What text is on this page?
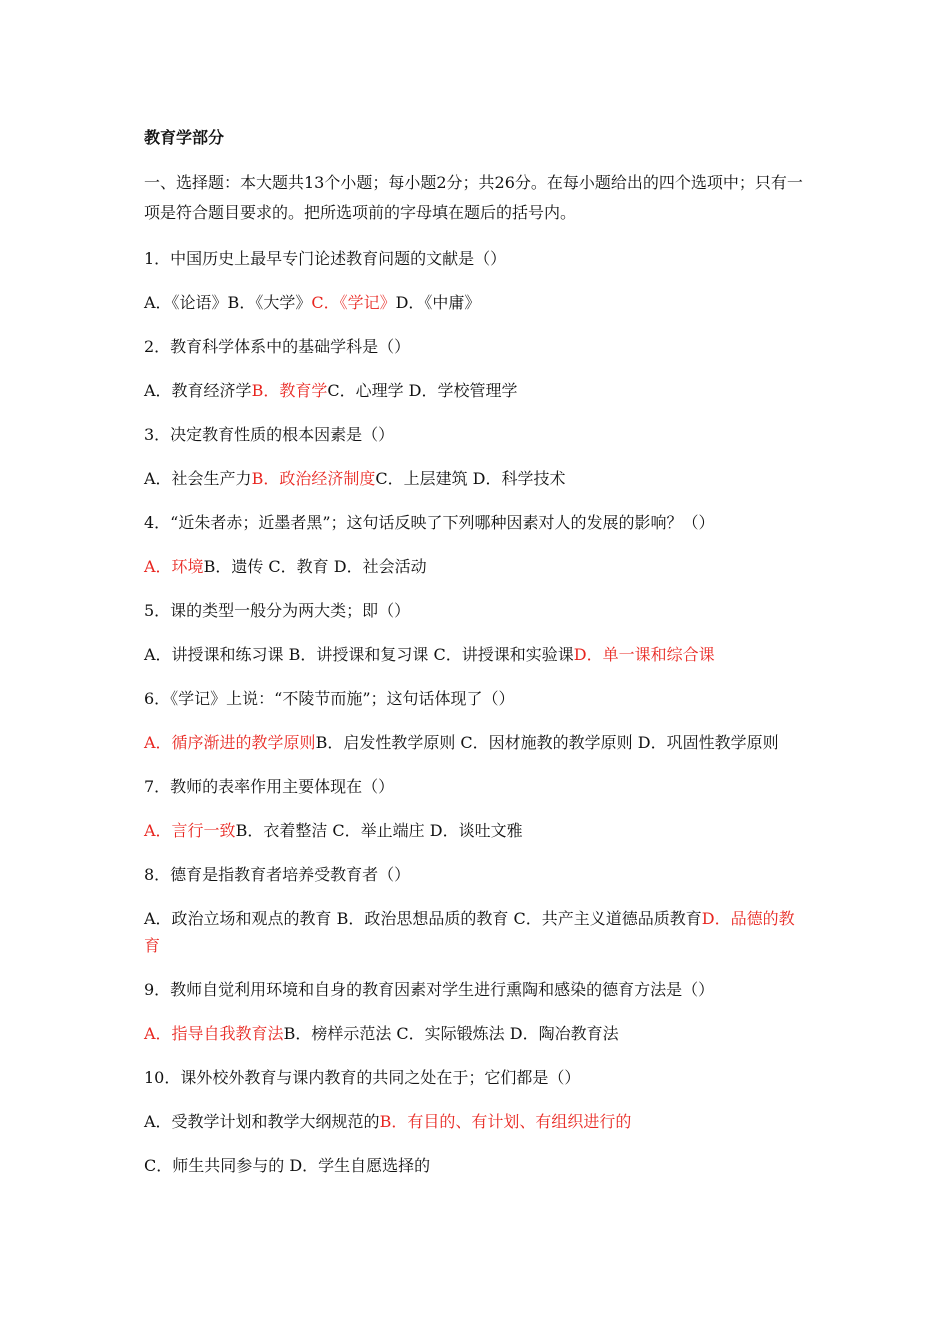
教育学部分
一、选择题：本大题共13个小题；每小题2分；共26分。在每小题给出的四个选项中；只有一项是符合题目要求的。把所选项前的字母填在题后的括号内。
1．中国历史上最早专门论述教育问题的文献是（）
A．《论语》B．《大学》C．《学记》D．《中庸》
2．教育科学体系中的基础学科是（）
A．教育经济学B．教育学C．心理学 D．学校管理学
3．决定教育性质的根本因素是（）
A．社会生产力B．政治经济制度C．上层建筑 D．科学技术
4．“近朱者赤；近墨者黑”；这句话反映了下列哪种因素对人的发展的影响？（）
A．环境B．遗传 C．教育 D．社会活动
5．课的类型一般分为两大类；即（）
A．讲授课和练习课 B．讲授课和复习课 C．讲授课和实验课D．单一课和综合课
6．《学记》上说：“不陵节而施”；这句话体现了（）
A．循序渐进的教学原则B．启发性教学原则 C．因材施教的教学原则 D．巩固性教学原则
7．教师的表率作用主要体现在（）
A．言行一致B．衣着整洁 C．举止端庄 D．谈吐文雅
8．德育是指教育者培养受教育者（）
A．政治立场和观点的教育 B．政治思想品质的教育 C．共产主义道德品质教育D．品德的教育
9．教师自觉利用环境和自身的教育因素对学生进行熏陶和感染的德育方法是（）
A．指导自我教育法B．榜样示范法 C．实际锻炼法 D．陶冶教育法
10．课外校外教育与课内教育的共同之处在于；它们都是（）
A．受教学计划和教学大纲规范的B．有目的、有计划、有组织进行的
C．师生共同参与的 D．学生自愿选择的
